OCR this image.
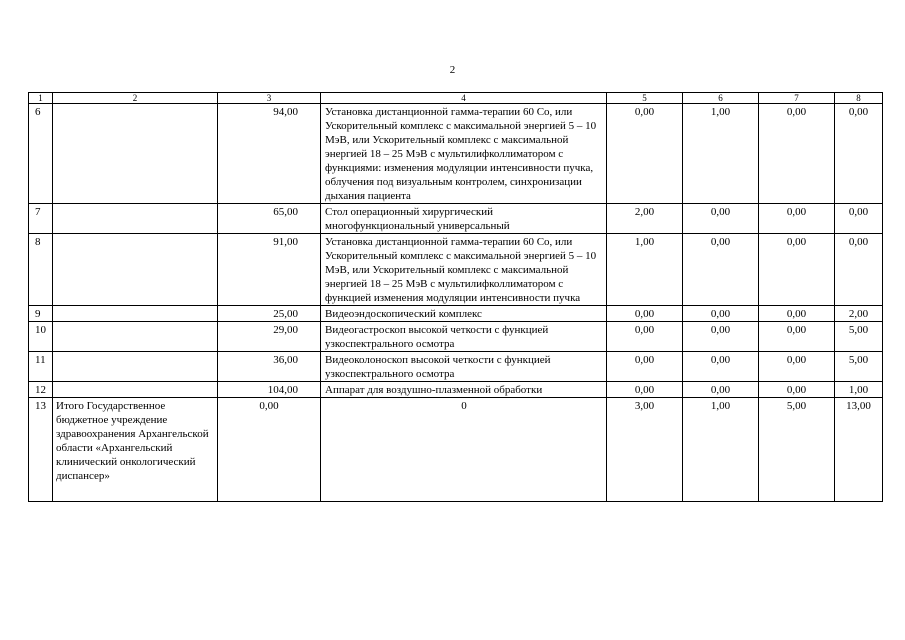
2
1	2	3	4	5	6	7	8
6		94,00	Установка дистанционной гамма-терапии 60 Co, или Ускорительный комплекс с максимальной энергией 5 – 10 МэВ, или Ускорительный комплекс с максимальной энергией 18 – 25 МэВ с мультилифколлиматором с функциями: изменения модуляции интенсивности пучка, облучения под визуальным контролем, синхронизации дыхания пациента	0,00	1,00	0,00	0,00
7		65,00	Стол операционный хирургический многофункциональный универсальный	2,00	0,00	0,00	0,00
8		91,00	Установка дистанционной гамма-терапии 60 Co, или Ускорительный комплекс с максимальной энергией 5 – 10 МэВ, или Ускорительный комплекс с максимальной энергией 18 – 25 МэВ с мультилифколлиматором с функцией изменения модуляции интенсивности пучка	1,00	0,00	0,00	0,00
9		25,00	Видеоэндоскопический комплекс	0,00	0,00	0,00	2,00
10		29,00	Видеогастроскоп высокой четкости с функцией узкоспектрального осмотра	0,00	0,00	0,00	5,00
11		36,00	Видеоколоноскоп высокой четкости с функцией узкоспектрального осмотра	0,00	0,00	0,00	5,00
12		104,00	Аппарат для воздушно-плазменной обработки	0,00	0,00	0,00	1,00
13	Итого Государственное бюджетное учреждение здравоохранения Архангельской области «Архангельский клинический онкологический диспансер»	0,00	0	3,00	1,00	5,00	13,00
